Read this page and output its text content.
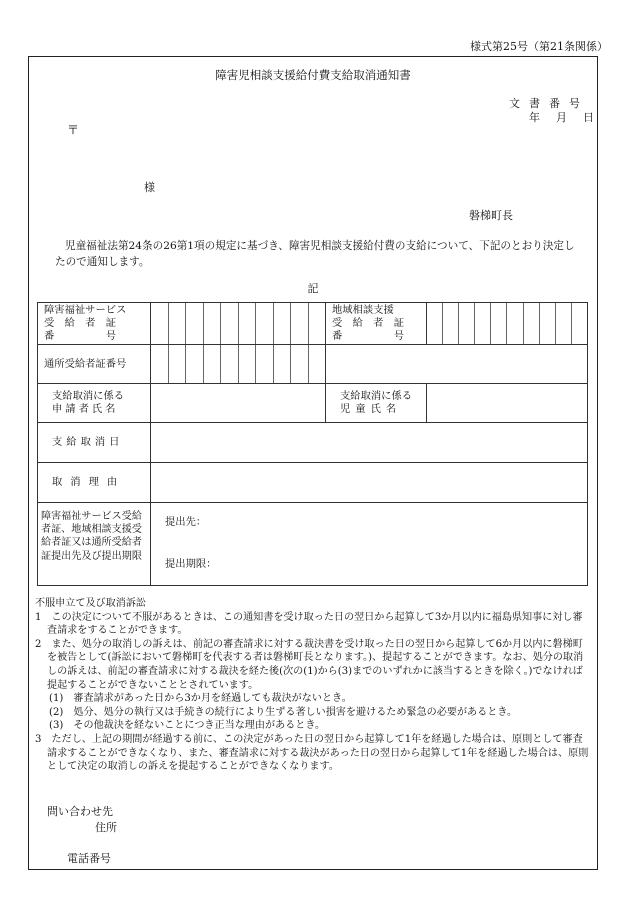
様式第25号（第21条関係）
障害児相談支援給付費支給取消通知書
文書番号
年 月 日
〒
様
磐梯町長
児童福祉法第24条の26第1項の規定に基づき、障害児相談支援給付費の支給について、下記のとおり決定したので通知します。
記
障害福祉サービス
受　給　者　証
番　　　　　号
地域相談支援
受　給　者　証
番　　　　　号
通所受給者証番号
支給取消に係る
申請者氏名
支給取消に係る
児童氏名
支給取消日
取消理由
障害福祉サービス受給者証、地域相談支援受給者証又は通所受給者証提出先及び提出期限
提出先：
提出期限：

不服申立て及び取消訴訟

1　この決定について不服があるときは、この通知書を受け取った日の翌日から起算して3か月以内に福島県知事に対し審査請求をすることができます。

2　また、処分の取消しの訴えは、前記の審査請求に対する裁決書を受け取った日の翌日から起算して6か月以内に磐梯町を被告として(訴訟において磐梯町を代表する者は磐梯町長となります。)、提起することができます。なお、処分の取消しの訴えは、前記の審査請求に対する裁決を経た後(次の(1)から(3)までのいずれかに該当するときを除く。)でなければ提起することができないこととされています。

(1)　審査請求があった日から3か月を経過しても裁決がないとき。

(2)　処分、処分の執行又は手続きの続行により生ずる著しい損害を避けるため緊急の必要があるとき。

(3)　その他裁決を経ないことにつき正当な理由があるとき。

3　ただし、上記の期間が経過する前に、この決定があった日の翌日から起算して1年を経過した場合は、原則として審査請求することができなくなり、また、審査請求に対する裁決があった日の翌日から起算して1年を経過した場合は、原則として決定の取消しの訴えを提起することができなくなります。

問い合わせ先
住所
電話番号
